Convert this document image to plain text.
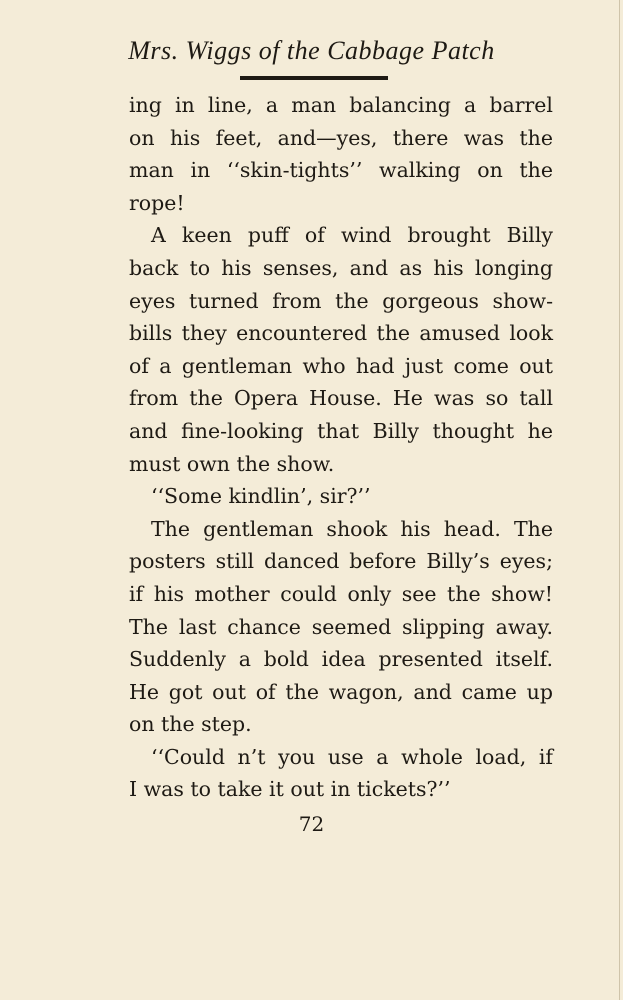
Mrs. Wiggs of the Cabbage Patch
ing in line, a man balancing a barrel
on his feet, and—yes, there was the
man in ‘‘skin-tights’’ walking on the
rope!
A keen puff of wind brought Billy
back to his senses, and as his longing
eyes turned from the gorgeous show-
bills they encountered the amused look
of a gentleman who had just come out
from the Opera House. He was so tall
and fine-looking that Billy thought he
must own the show.
‘‘Some kindlin’, sir?’’
The gentleman shook his head. The
posters still danced before Billy’s eyes;
if his mother could only see the show!
The last chance seemed slipping away.
Suddenly a bold idea presented itself.
He got out of the wagon, and came up
on the step.
‘‘Could n’t you use a whole load, if
I was to take it out in tickets?’’
72
